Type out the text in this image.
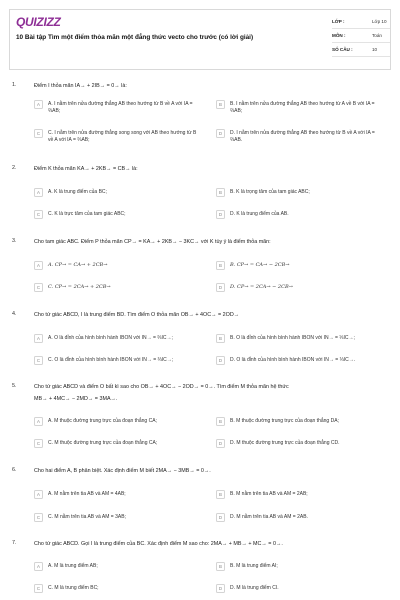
QUIZIZZ
10 Bài tập Tìm một điểm thỏa mãn một đẳng thức vecto cho trước (có lời giải)
LỚP :	Lớp 10
MÔN :	Toán
SỐ CÂU :	10
1.	Điểm I thỏa mãn IA→ + 2IB→ = 0→ là:
A	A. I nằm trên nửa đường thẳng AB theo hướng từ B về A với IA = ⅔AB;
B	B. I nằm trên nửa đường thẳng AB theo hướng từ A về B với IA = ⅔AB;
C	C. I nằm trên nửa đường thẳng song song với AB theo hướng từ B về A với IA = ⅔AB;
D	D. I nằm trên nửa đường thẳng AB theo hướng từ B về A với IA = ⅔AB.
2.	Điểm K thỏa mãn KA→ + 2KB→ = CB→ là:
A	A. K là trung điểm của BC;	B	B. K là trọng tâm của tam giác ABC;
C	C. K là trực tâm của tam giác ABC;	D	D. K là trung điểm của AB.
3.	Cho tam giác ABC. Điểm P thỏa mãn CP→ = KA→ + 2KB→ − 3KC→ với K tùy ý là điểm thỏa mãn:
A	A. CP→ = CA→ + 2CB→	B	B. CP→ = CA→ − 2CB→
C	C. CP→ = 2CA→ + 2CB→	D	D. CP→ = 2CA→ − 2CB→
4.	Cho tứ giác ABCD, I là trung điểm BD. Tìm điểm O thỏa mãn OB→ + 4OC→ = 2OD→
A	A. O là đỉnh của hình bình hành IBON với IN→ = ⅔IC→;	B	B. O là đỉnh của hình bình hành IBON với IN→ = ⅓IC→;
C	C. O là đỉnh của hình bình hành IBON với IN→ = ⅔IC→;	D	D. O là đỉnh của hình bình hành IBON với IN→ = ⅓IC→.
5.	Cho tứ giác ABCD và điểm O bất kì sao cho OB→ + 4OC→ − 2OD→ = 0→. Tìm điểm M thỏa mãn hệ thức
MB→ + 4MC→ − 2MD→ = 3MA→.
A	A. M thuộc đường trung trực của đoạn thẳng CA;	B	B. M thuộc đường trung trực của đoạn thẳng DA;
C	C. M thuộc đường trung trực của đoạn thẳng CA;	D	D. M thuộc đường trung trực của đoạn thẳng CD.
6.	Cho hai điểm A, B phân biệt. Xác định điểm M biết 2MA→ − 3MB→ = 0→.
A	A. M nằm trên tia AB và AM = 4AB;	B	B. M nằm trên tia AB và AM = 2AB;
C	C. M nằm trên tia AB và AM = 3AB;	D	D. M nằm trên tia AB và AM = 2AB.
7.	Cho tứ giác ABCD. Gọi I là trung điểm của BC. Xác định điểm M sao cho: 2MA→ + MB→ + MC→ = 0→.
A	A. M là trung điểm AB;	B	B. M là trung điểm AI;
C	C. M là trung điểm BC;	D	D. M là trung điểm CI.
